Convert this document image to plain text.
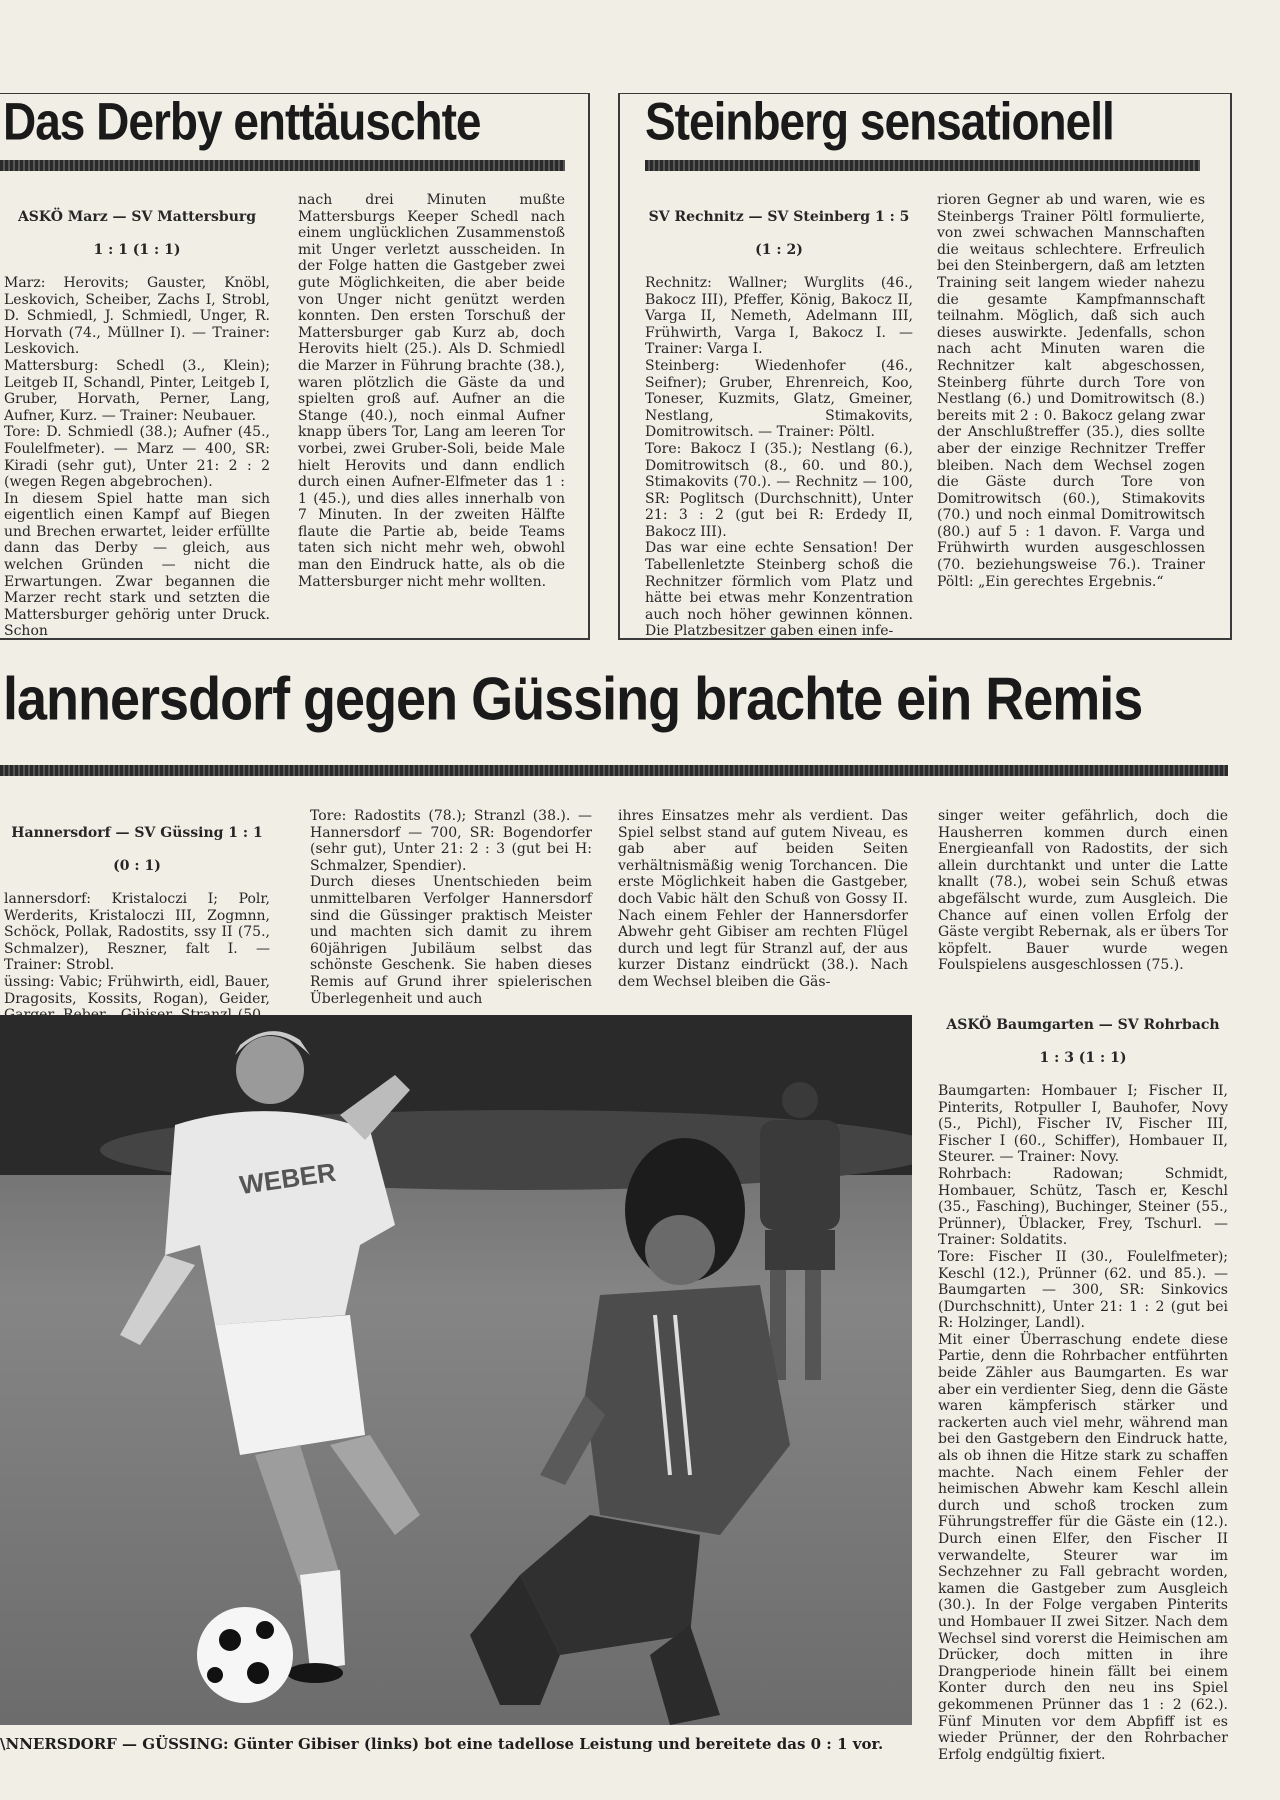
Das Derby enttäuschte

ASKÖ Marz — SV Mattersburg

1 : 1 (1 : 1)

Marz: Herovits; Gauster, Knöbl, Leskovich, Scheiber, Zachs I, Strobl, D. Schmiedl, J. Schmiedl, Unger, R. Horvath (74., Müllner I). — Trainer: Leskovich.
Mattersburg: Schedl (3., Klein); Leitgeb II, Schandl, Pinter, Leitgeb I, Gruber, Horvath, Perner, Lang, Aufner, Kurz. — Trainer: Neubauer.
Tore: D. Schmiedl (38.); Aufner (45., Foulelfmeter). — Marz — 400, SR: Kiradi (sehr gut), Unter 21: 2 : 2 (wegen Regen abgebrochen).
In diesem Spiel hatte man sich eigentlich einen Kampf auf Biegen und Brechen erwartet, leider erfüllte dann das Derby — gleich, aus welchen Gründen — nicht die Erwartungen. Zwar begannen die Marzer recht stark und setzten die Mattersburger gehörig unter Druck. Schon

nach drei Minuten mußte Mattersburgs Keeper Schedl nach einem unglücklichen Zusammenstoß mit Unger verletzt ausscheiden. In der Folge hatten die Gastgeber zwei gute Möglichkeiten, die aber beide von Unger nicht genützt werden konnten. Den ersten Torschuß der Mattersburger gab Kurz ab, doch Herovits hielt (25.). Als D. Schmiedl die Marzer in Führung brachte (38.), waren plötzlich die Gäste da und spielten groß auf. Aufner an die Stange (40.), noch einmal Aufner knapp übers Tor, Lang am leeren Tor vorbei, zwei Gruber-Soli, beide Male hielt Herovits und dann endlich durch einen Aufner-Elfmeter das 1 : 1 (45.), und dies alles innerhalb von 7 Minuten. In der zweiten Hälfte flaute die Partie ab, beide Teams taten sich nicht mehr weh, obwohl man den Eindruck hatte, als ob die Mattersburger nicht mehr wollten.
Steinberg sensationell

SV Rechnitz — SV Steinberg 1 : 5

(1 : 2)

Rechnitz: Wallner; Wurglits (46., Bakocz III), Pfeffer, König, Bakocz II, Varga II, Nemeth, Adelmann III, Frühwirth, Varga I, Bakocz I. — Trainer: Varga I.
Steinberg: Wiedenhofer (46., Seifner); Gruber, Ehrenreich, Koo, Toneser, Kuzmits, Glatz, Gmeiner, Nestlang, Stimakovits, Domitrowitsch. — Trainer: Pöltl.
Tore: Bakocz I (35.); Nestlang (6.), Domitrowitsch (8., 60. und 80.), Stimakovits (70.). — Rechnitz — 100, SR: Poglitsch (Durchschnitt), Unter 21: 3 : 2 (gut bei R: Erdedy II, Bakocz III).
Das war eine echte Sensation! Der Tabellenletzte Steinberg schoß die Rechnitzer förmlich vom Platz und hätte bei etwas mehr Konzentration auch noch höher gewinnen können. Die Platzbesitzer gaben einen infe-

rioren Gegner ab und waren, wie es Steinbergs Trainer Pöltl formulierte, von zwei schwachen Mannschaften die weitaus schlechtere. Erfreulich bei den Steinbergern, daß am letzten Training seit langem wieder nahezu die gesamte Kampfmannschaft teilnahm. Möglich, daß sich auch dieses auswirkte. Jedenfalls, schon nach acht Minuten waren die Rechnitzer kalt abgeschossen, Steinberg führte durch Tore von Nestlang (6.) und Domitrowitsch (8.) bereits mit 2 : 0. Bakocz gelang zwar der Anschlußtreffer (35.), dies sollte aber der einzige Rechnitzer Treffer bleiben. Nach dem Wechsel zogen die Gäste durch Tore von Domitrowitsch (60.), Stimakovits (70.) und noch einmal Domitrowitsch (80.) auf 5 : 1 davon. F. Varga und Frühwirth wurden ausgeschlossen (70. beziehungsweise 76.). Trainer Pöltl: „Ein gerechtes Ergebnis.“
lannersdorf gegen Güssing brachte ein Remis

Hannersdorf — SV Güssing 1 : 1

(0 : 1)

lannersdorf: Kristaloczi I; Polr, Werderits, Kristaloczi III, Zogmnn, Schöck, Pollak, Radostits, ssy II (75., Schmalzer), Reszner, falt I. — Trainer: Strobl.
üssing: Vabic; Frühwirth, eidl, Bauer, Dragosits, Kossits, Rogan), Geider,

Tore: Radostits (78.); Stranzl (38.). — Hannersdorf — 700, SR: Bogendorfer (sehr gut), Unter 21: 2 : 3 (gut bei H: Schmalzer, Spendier).
Durch dieses Unentschieden beim unmittelbaren Verfolger Hannersdorf sind die Güssinger praktisch Meister und machten sich damit zu ihrem 60jährigen Jubiläum selbst das schönste Geschenk. Sie haben dieses Remis auf Grund ihrer spielerischen Überlegenheit und auch
ihres Einsatzes mehr als verdient. Das Spiel selbst stand auf gutem Niveau, es gab aber auf beiden Seiten verhältnismäßig wenig Torchancen. Die erste Möglichkeit haben die Gastgeber, doch Vabic hält den Schuß von Gossy II. Nach einem Fehler der Hannersdorfer Abwehr geht Gibiser am rechten Flügel durch und legt für Stranzl auf, der aus kurzer Distanz eindrückt (38.). Nach dem Wechsel bleiben die Gäs-
singer weiter gefährlich, doch die Hausherren kommen durch einen Energieanfall von Radostits, der sich allein durchtankt und unter die Latte knallt (78.), wobei sein Schuß etwas abgefälscht wurde, zum Ausgleich. Die Chance auf einen vollen Erfolg der Gäste vergibt Rebernak, als er übers Tor köpfelt. Bauer wurde wegen Foulspielens ausgeschlossen (75.).

ASKÖ Baumgarten — SV Rohrbach

1 : 3 (1 : 1)

Baumgarten: Hombauer I; Fischer II, Pinterits, Rotpuller I, Bauhofer, Novy (5., Pichl), Fischer IV, Fischer III, Fischer I (60., Schiffer), Hombauer II, Steurer. — Trainer: Novy.
Rohrbach: Radowan; Schmidt, Hombauer, Schütz, Tasch er, Keschl (35., Fasching), Buchinger, Steiner (55., Prünner), Üblacker, Frey, Tschurl. — Trainer: Soldatits.
Tore: Fischer II (30., Foulelfmeter); Keschl (12.), Prünner (62. und 85.). — Baumgarten — 300, SR: Sinkovics (Durchschnitt), Unter 21: 1 : 2 (gut bei R: Holzinger, Landl).
Mit einer Überraschung endete diese Partie, denn die Rohrbacher entführten beide Zähler aus Baumgarten. Es war aber ein verdienter Sieg, denn die Gäste waren kämpferisch stärker und rackerten auch viel mehr, während man bei den Gastgebern den Eindruck hatte, als ob ihnen die Hitze stark zu schaffen machte. Nach einem Fehler der heimischen Abwehr kam Keschl allein durch und schoß trocken zum Führungstreffer für die Gäste ein (12.). Durch einen Elfer, den Fischer II verwandelte, Steurer war im Sechzehner zu Fall gebracht worden, kamen die Gastgeber zum Ausgleich (30.). In der Folge vergaben Pinterits und Hombauer II zwei Sitzer. Nach dem Wechsel sind vorerst die Heimischen am Drücker, doch mitten in ihre Drangperiode hinein fällt bei einem Konter durch den neu ins Spiel gekommenen Prünner das 1 : 2 (62.). Fünf Minuten vor dem Abpfiff ist es wieder Prünner, der den Rohrbacher Erfolg endgültig fixiert.

WEBER

\NNERSDORF — GÜSSING: Günter Gibiser (links) bot eine tadellose Leistung und bereitete das 0 : 1 vor.
